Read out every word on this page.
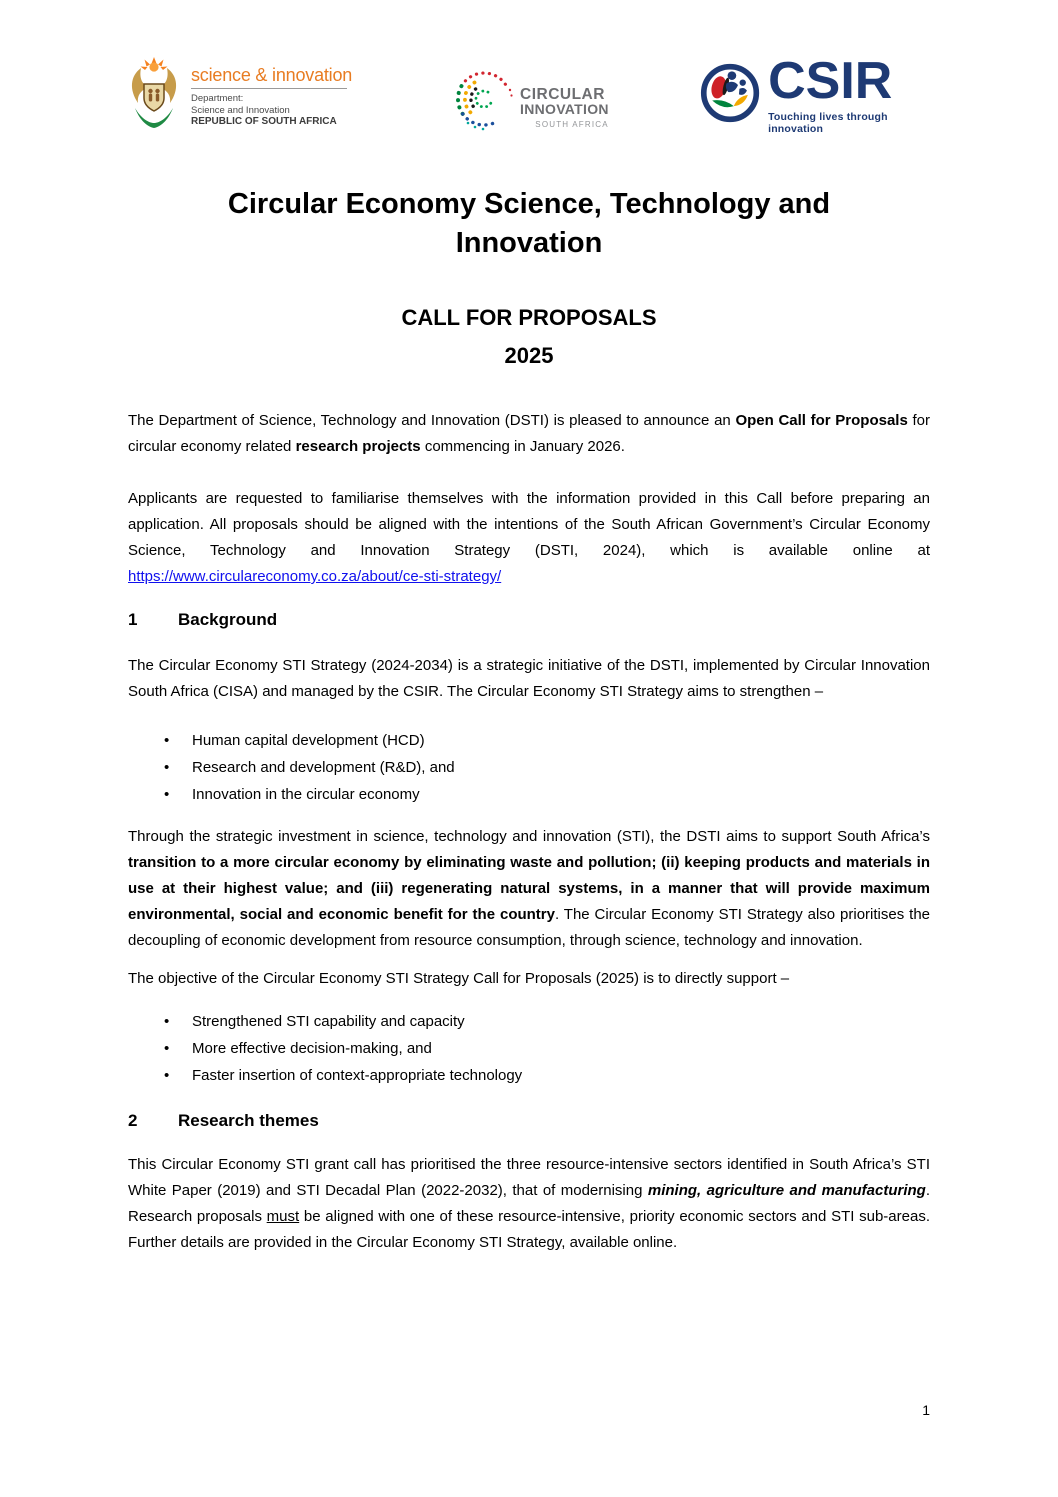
science & innovation
Department:
Science and Innovation
REPUBLIC OF SOUTH AFRICA
CIRCULAR
INNOVATION
SOUTH AFRICA
CSIR
Touching lives through innovation
Circular Economy Science, Technology and Innovation
CALL FOR PROPOSALS
2025

The Department of Science, Technology and Innovation (DSTI) is pleased to announce an Open Call for Proposals for circular economy related research projects commencing in January 2026.

Applicants are requested to familiarise themselves with the information provided in this Call before preparing an application. All proposals should be aligned with the intentions of the South African Government’s Circular Economy Science, Technology and Innovation Strategy (DSTI, 2024), which is available online at https://www.circulareconomy.co.za/about/ce-sti-strategy/

1	Background

The Circular Economy STI Strategy (2024-2034) is a strategic initiative of the DSTI, implemented by Circular Innovation South Africa (CISA) and managed by the CSIR. The Circular Economy STI Strategy aims to strengthen –

• Human capital development (HCD)
• Research and development (R&D), and
• Innovation in the circular economy

Through the strategic investment in science, technology and innovation (STI), the DSTI aims to support South Africa’s transition to a more circular economy by eliminating waste and pollution; (ii) keeping products and materials in use at their highest value; and (iii) regenerating natural systems, in a manner that will provide maximum environmental, social and economic benefit for the country. The Circular Economy STI Strategy also prioritises the decoupling of economic development from resource consumption, through science, technology and innovation.

The objective of the Circular Economy STI Strategy Call for Proposals (2025) is to directly support –

• Strengthened STI capability and capacity
• More effective decision-making, and
• Faster insertion of context-appropriate technology
2	Research themes

This Circular Economy STI grant call has prioritised the three resource-intensive sectors identified in South Africa’s STI White Paper (2019) and STI Decadal Plan (2022-2032), that of modernising mining, agriculture and manufacturing. Research proposals must be aligned with one of these resource-intensive, priority economic sectors and STI sub-areas. Further details are provided in the Circular Economy STI Strategy, available online.

1
